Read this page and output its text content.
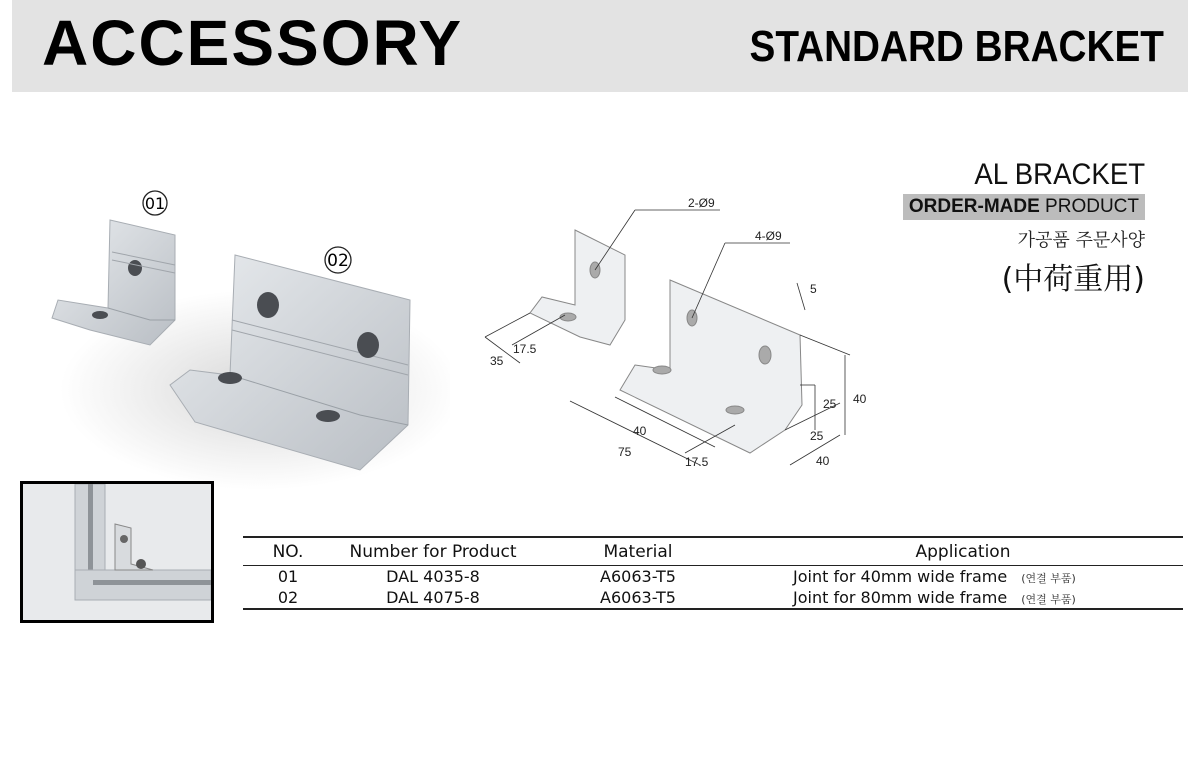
ACCESSORY	STANDARD BRACKET
01
02
2-Ø9
4-Ø9
35
17.5
5
40
25
25
40
40
75
17.5
AL BRACKET
ORDER-MADE PRODUCT
가공품 주문사양
(中荷重用)
NO.	Number for Product	Material	Application
01	DAL 4035-8	A6063-T5	Joint for 40mm wide frame (연결 부품)
02	DAL 4075-8	A6063-T5	Joint for 80mm wide frame (연결 부품)
